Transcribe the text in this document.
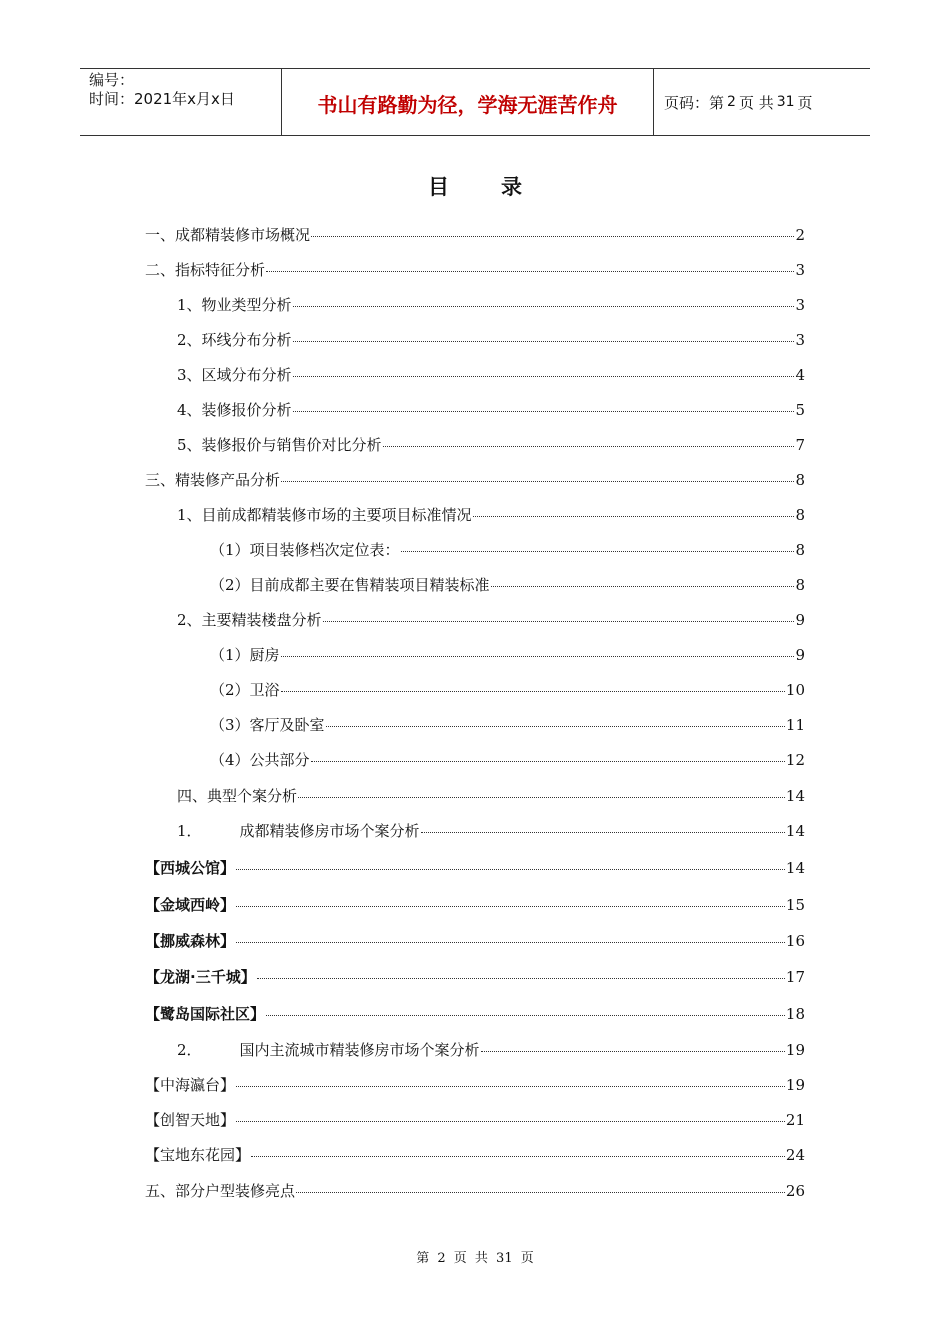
编号：
时间：2021年x月x日	书山有路勤为径，学海无涯苦作舟	页码：第 2 页 共 31 页
目录
一、成都精装修市场概况	2
二、指标特征分析	3
1、物业类型分析	3
2、环线分布分析	3
3、区域分布分析	4
4、装修报价分析	5
5、装修报价与销售价对比分析	7
三、精装修产品分析	8
1、目前成都精装修市场的主要项目标准情况	8
（1）项目装修档次定位表：	8
（2）目前成都主要在售精装项目精装标准	8
2、主要精装楼盘分析	9
（1）厨房	9
（2）卫浴	10
（3）客厅及卧室	11
（4）公共部分	12
四、典型个案分析	14
1．	成都精装修房市场个案分析	14
【西城公馆】	14
【金域西岭】	15
【挪威森林】	16
【龙湖·三千城】	17
【鹭岛国际社区】	18
2．	国内主流城市精装修房市场个案分析	19
【中海瀛台】	19
【创智天地】	21
【宝地东花园】	24
五、部分户型装修亮点	26
第 2 页 共 31 页
